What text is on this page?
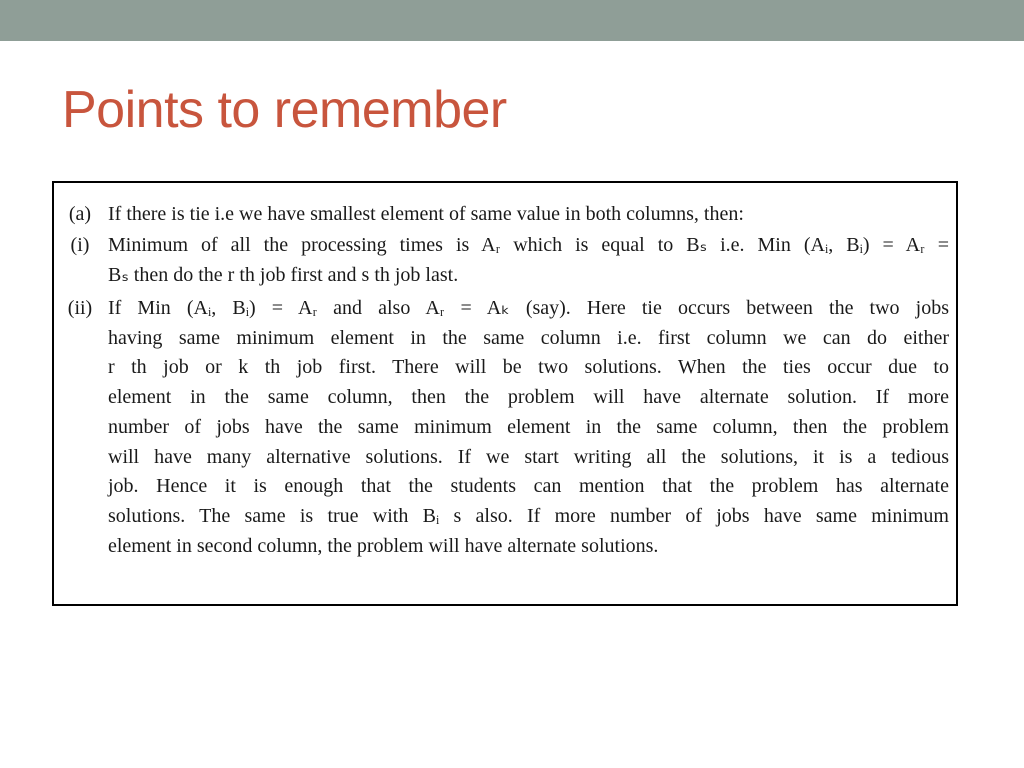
Points to remember
(a) If there is tie i.e we have smallest element of same value in both columns, then:
(i) Minimum of all the processing times is Aᵣ which is equal to Bₛ i.e. Min (Aᵢ, Bᵢ) = Aᵣ =
Bₛ then do the r th job first and s th job last.
(ii) If Min (Aᵢ, Bᵢ) = Aᵣ and also Aᵣ = Aₖ (say). Here tie occurs between the two jobs
having same minimum element in the same column i.e. first column we can do either
r th job or k th job first. There will be two solutions. When the ties occur due to
element in the same column, then the problem will have alternate solution. If more
number of jobs have the same minimum element in the same column, then the problem
will have many alternative solutions. If we start writing all the solutions, it is a tedious
job. Hence it is enough that the students can mention that the problem has alternate
solutions. The same is true with Bᵢ s also. If more number of jobs have same minimum
element in second column, the problem will have alternate solutions.
